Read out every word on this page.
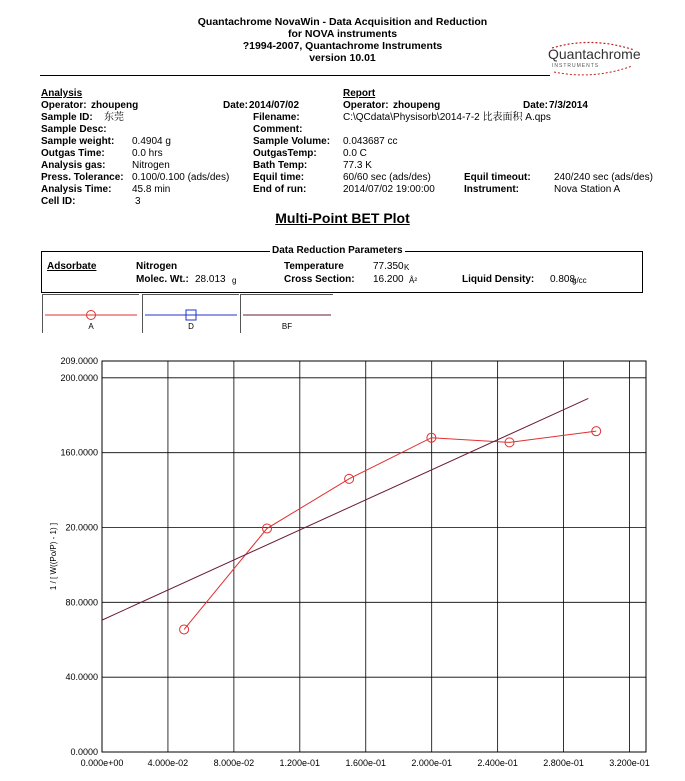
Quantachrome NovaWin - Data Acquisition and Reduction
for NOVA instruments
?1994-2007, Quantachrome Instruments
version 10.01	Quantachrome
INSTRUMENTS
Analysis
Operator: zhoupeng	Date: 2014/07/02
Sample ID: 东莞
Sample Desc:
Sample weight: 0.4904 g
Outgas Time:	0.0 hrs
Analysis gas:	Nitrogen
Press. Tolerance: 0.100/0.100 (ads/des)
Analysis Time: 45.8 min
Cell ID:	3
Report
Operator: zhoupeng	Date: 7/3/2014
Filename:	C:\QCdata\Physisorb\2014-7-2 比表面积 A.qps
Comment:
Sample Volume: 0.043687 cc
OutgasTemp:	0.0 C
Bath Temp:	77.3 K
Equil time:	60/60 sec (ads/des)	Equil timeout: 240/240 sec (ads/des)
End of run:	2014/07/02 19:00:00	Instrument:	Nova Station A
Multi-Point BET Plot
Data Reduction Parameters
Adsorbate	Nitrogen
Molec. Wt.: 28.013 g
Temperature	77.350 K
Cross Section: 16.200 Å²	Liquid Density: 0.808
g/cc
A	D	BF
0.000e+00	4.000e-02	8.000e-02	1.200e-01	1.600e-01	2.000e-01	2.400e-01	2.800e-01	3.200e-01
0.0000
40.0000
80.0000
20.0000
160.0000
200.0000
209.0000
1 / [ W((Po/P) - 1) ]
